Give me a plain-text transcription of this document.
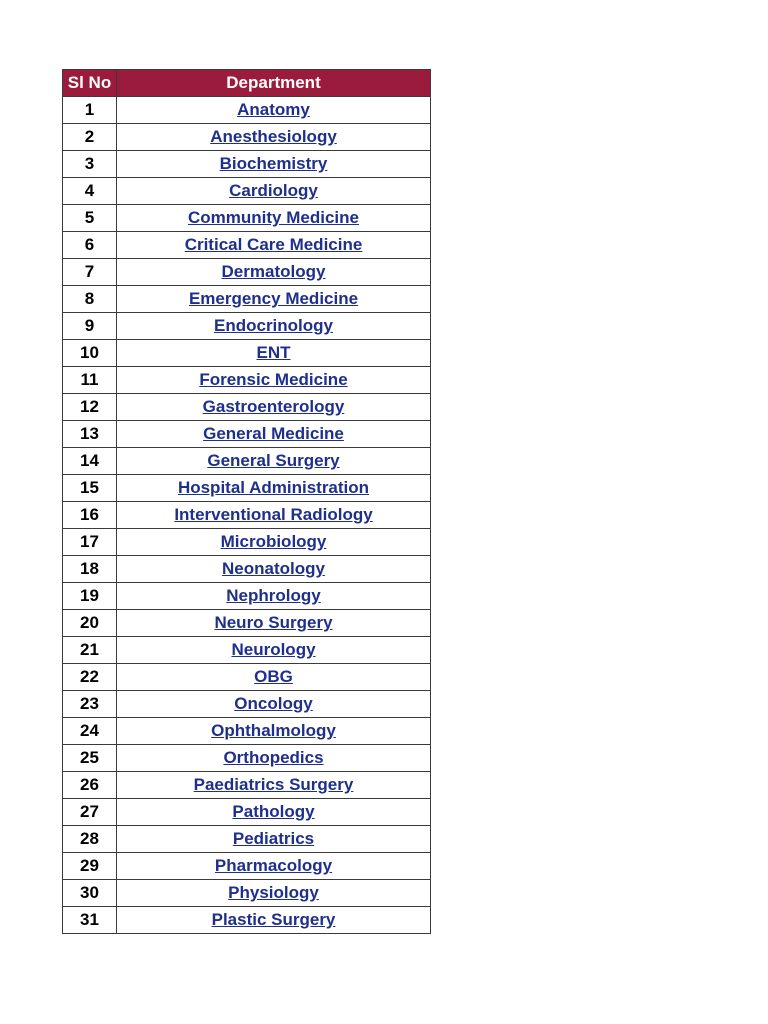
Sl No	Department
1	Anatomy
2	Anesthesiology
3	Biochemistry
4	Cardiology
5	Community Medicine
6	Critical Care Medicine
7	Dermatology
8	Emergency Medicine
9	Endocrinology
10	ENT
11	Forensic Medicine
12	Gastroenterology
13	General Medicine
14	General Surgery
15	Hospital Administration
16	Interventional Radiology
17	Microbiology
18	Neonatology
19	Nephrology
20	Neuro Surgery
21	Neurology
22	OBG
23	Oncology
24	Ophthalmology
25	Orthopedics
26	Paediatrics Surgery
27	Pathology
28	Pediatrics
29	Pharmacology
30	Physiology
31	Plastic Surgery
